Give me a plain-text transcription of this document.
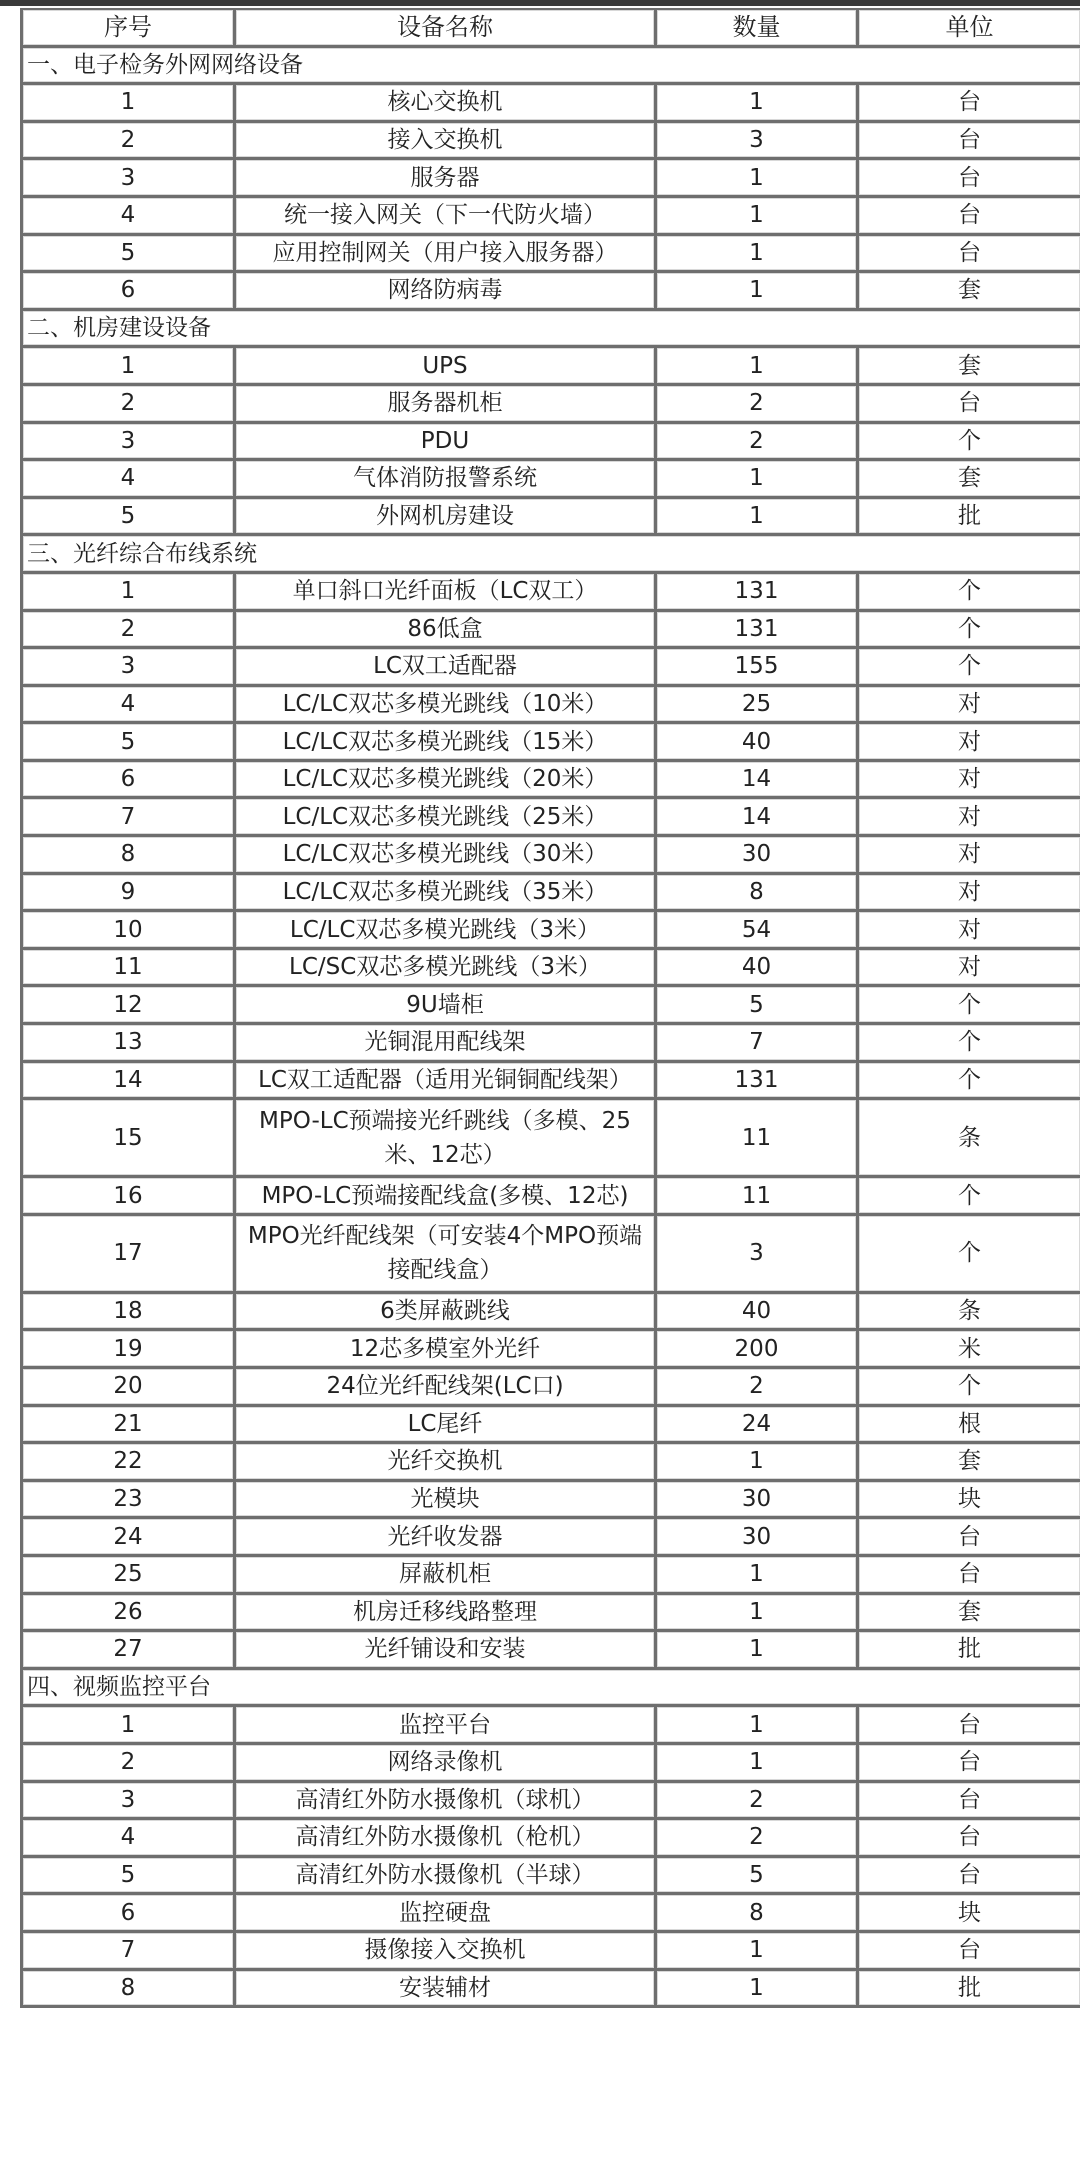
序号	设备名称	数量	单位
一、电子检务外网网络设备			
1	核心交换机	1	台
2	接入交换机	3	台
3	服务器	1	台
4	统一接入网关（下一代防火墙）	1	台
5	应用控制网关（用户接入服务器）	1	台
6	网络防病毒	1	套
二、机房建设设备			
1	UPS	1	套
2	服务器机柜	2	台
3	PDU	2	个
4	气体消防报警系统	1	套
5	外网机房建设	1	批
三、光纤综合布线系统			
1	单口斜口光纤面板（LC双工）	131	个
2	86低盒	131	个
3	LC双工适配器	155	个
4	LC/LC双芯多模光跳线（10米）	25	对
5	LC/LC双芯多模光跳线（15米）	40	对
6	LC/LC双芯多模光跳线（20米）	14	对
7	LC/LC双芯多模光跳线（25米）	14	对
8	LC/LC双芯多模光跳线（30米）	30	对
9	LC/LC双芯多模光跳线（35米）	8	对
10	LC/LC双芯多模光跳线（3米）	54	对
11	LC/SC双芯多模光跳线（3米）	40	对
12	9U墙柜	5	个
13	光铜混用配线架	7	个
14	LC双工适配器（适用光铜铜配线架）	131	个
15	MPO-LC预端接光纤跳线（多模、25米、12芯）	11	条
16	MPO-LC预端接配线盒(多模、12芯)	11	个
17	MPO光纤配线架（可安装4个MPO预端接配线盒）	3	个
18	6类屏蔽跳线	40	条
19	12芯多模室外光纤	200	米
20	24位光纤配线架(LC口)	2	个
21	LC尾纤	24	根
22	光纤交换机	1	套
23	光模块	30	块
24	光纤收发器	30	台
25	屏蔽机柜	1	台
26	机房迁移线路整理	1	套
27	光纤铺设和安装	1	批
四、视频监控平台			
1	监控平台	1	台
2	网络录像机	1	台
3	高清红外防水摄像机（球机）	2	台
4	高清红外防水摄像机（枪机）	2	台
5	高清红外防水摄像机（半球）	5	台
6	监控硬盘	8	块
7	摄像接入交换机	1	台
8	安装辅材	1	批
